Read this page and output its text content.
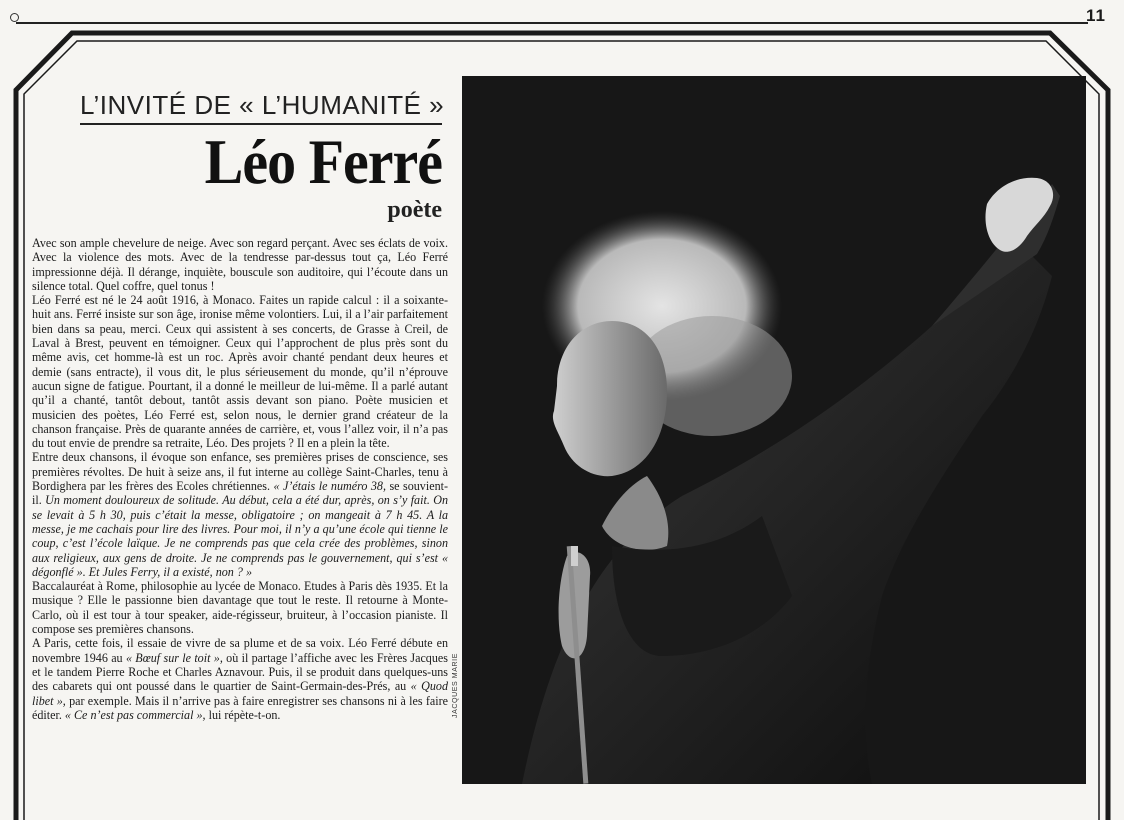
11
L’INVITÉ DE « L’HUMANITÉ »
Léo Ferré
poète

Avec son ample chevelure de neige. Avec son regard perçant. Avec ses éclats de voix. Avec la violence des mots. Avec de la tendresse par-dessus tout ça, Léo Ferré impressionne déjà. Il dérange, inquiète, bouscule son auditoire, qui l’écoute dans un silence total. Quel coffre, quel tonus !

Léo Ferré est né le 24 août 1916, à Monaco. Faites un rapide calcul : il a soixante-huit ans. Ferré insiste sur son âge, ironise même volontiers. Lui, il a l’air parfaitement bien dans sa peau, merci. Ceux qui assistent à ses concerts, de Grasse à Creil, de Laval à Brest, peuvent en témoigner. Ceux qui l’approchent de plus près sont du même avis, cet homme-là est un roc. Après avoir chanté pendant deux heures et demie (sans entracte), il vous dit, le plus sérieusement du monde, qu’il n’éprouve aucun signe de fatigue. Pourtant, il a donné le meilleur de lui-même. Il a parlé autant qu’il a chanté, tantôt debout, tantôt assis devant son piano. Poète musicien et musicien des poètes, Léo Ferré est, selon nous, le dernier grand créateur de la chanson française. Près de quarante années de carrière, et, vous l’allez voir, il n’a pas du tout envie de prendre sa retraite, Léo. Des projets ? Il en a plein la tête.

Entre deux chansons, il évoque son enfance, ses premières prises de conscience, ses premières révoltes. De huit à seize ans, il fut interne au collège Saint-Charles, tenu à Bordighera par les frères des Ecoles chrétiennes. « J’étais le numéro 38, se souvient-il. Un moment douloureux de solitude. Au début, cela a été dur, après, on s’y fait. On se levait à 5 h 30, puis c’était la messe, obligatoire ; on mangeait à 7 h 45. A la messe, je me cachais pour lire des livres. Pour moi, il n’y a qu’une école qui tienne le coup, c’est l’école laïque. Je ne comprends pas que cela crée des problèmes, sinon aux religieux, aux gens de droite. Je ne comprends pas le gouvernement, qui s’est « dégonflé ». Et Jules Ferry, il a existé, non ? »

Baccalauréat à Rome, philosophie au lycée de Monaco. Etudes à Paris dès 1935. Et la musique ? Elle le passionne bien davantage que tout le reste. Il retourne à Monte-Carlo, où il est tour à tour speaker, aide-régisseur, bruiteur, à l’occasion pianiste. Il compose ses premières chansons.

A Paris, cette fois, il essaie de vivre de sa plume et de sa voix. Léo Ferré débute en novembre 1946 au « Bœuf sur le toit », où il partage l’affiche avec les Frères Jacques et le tandem Pierre Roche et Charles Aznavour. Puis, il se produit dans quelques-uns des cabarets qui ont poussé dans le quartier de Saint-Germain-des-Prés, au « Quod libet », par exemple. Mais il n’arrive pas à faire enregistrer ses chansons ni à les faire éditer. « Ce n’est pas commercial », lui répète-t-on.	JACQUES MARIE
